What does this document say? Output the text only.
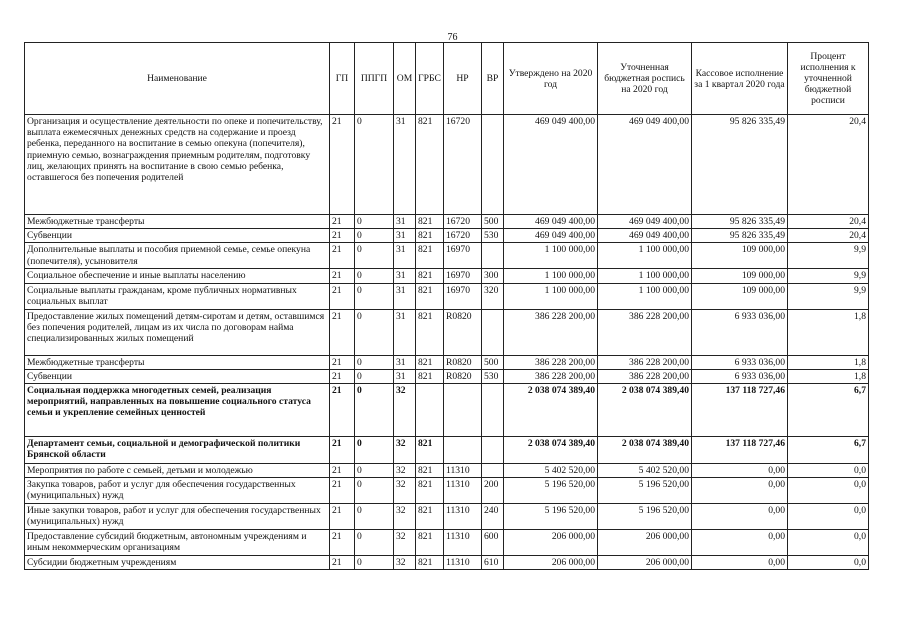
76
Наименование	ГП	ППГП	ОМ	ГРБС	НР	ВР	Утверждено на 2020 год	Уточненная бюджетная роспись на 2020 год	Кассовое исполнение за 1 квартал 2020 года	Процент исполнения к уточненной бюджетной росписи
Организация и осуществление деятельности по опеке и попечительству, выплата ежемесячных денежных средств на содержание и проезд ребенка, переданного на воспитание в семью опекуна (попечителя), приемную семью, вознаграждения приемным родителям, подготовку лиц, желающих принять на воспитание в свою семью ребенка, оставшегося без попечения родителей	21	0	31	821	16720		469 049 400,00	469 049 400,00	95 826 335,49	20,4
Межбюджетные трансферты	21	0	31	821	16720	500	469 049 400,00	469 049 400,00	95 826 335,49	20,4
Субвенции	21	0	31	821	16720	530	469 049 400,00	469 049 400,00	95 826 335,49	20,4
Дополнительные выплаты и пособия приемной семье, семье опекуна (попечителя), усыновителя	21	0	31	821	16970		1 100 000,00	1 100 000,00	109 000,00	9,9
Социальное обеспечение и иные выплаты населению	21	0	31	821	16970	300	1 100 000,00	1 100 000,00	109 000,00	9,9
Социальные выплаты гражданам, кроме публичных нормативных социальных выплат	21	0	31	821	16970	320	1 100 000,00	1 100 000,00	109 000,00	9,9
Предоставление жилых помещений детям-сиротам и детям, оставшимся без попечения родителей, лицам из их числа по договорам найма специализированных жилых помещений	21	0	31	821	R0820		386 228 200,00	386 228 200,00	6 933 036,00	1,8
Межбюджетные трансферты	21	0	31	821	R0820	500	386 228 200,00	386 228 200,00	6 933 036,00	1,8
Субвенции	21	0	31	821	R0820	530	386 228 200,00	386 228 200,00	6 933 036,00	1,8
Социальная поддержка многодетных семей, реализация мероприятий, направленных на повышение социального статуса семьи и укрепление семейных ценностей	21	0	32				2 038 074 389,40	2 038 074 389,40	137 118 727,46	6,7
Департамент семьи, социальной и демографической политики Брянской области	21	0	32	821			2 038 074 389,40	2 038 074 389,40	137 118 727,46	6,7
Мероприятия по работе с семьей, детьми и молодежью	21	0	32	821	11310		5 402 520,00	5 402 520,00	0,00	0,0
Закупка товаров, работ и услуг для обеспечения государственных (муниципальных) нужд	21	0	32	821	11310	200	5 196 520,00	5 196 520,00	0,00	0,0
Иные закупки товаров, работ и услуг для обеспечения государственных (муниципальных) нужд	21	0	32	821	11310	240	5 196 520,00	5 196 520,00	0,00	0,0
Предоставление субсидий бюджетным, автономным учреждениям и иным некоммерческим организациям	21	0	32	821	11310	600	206 000,00	206 000,00	0,00	0,0
Субсидии бюджетным учреждениям	21	0	32	821	11310	610	206 000,00	206 000,00	0,00	0,0
